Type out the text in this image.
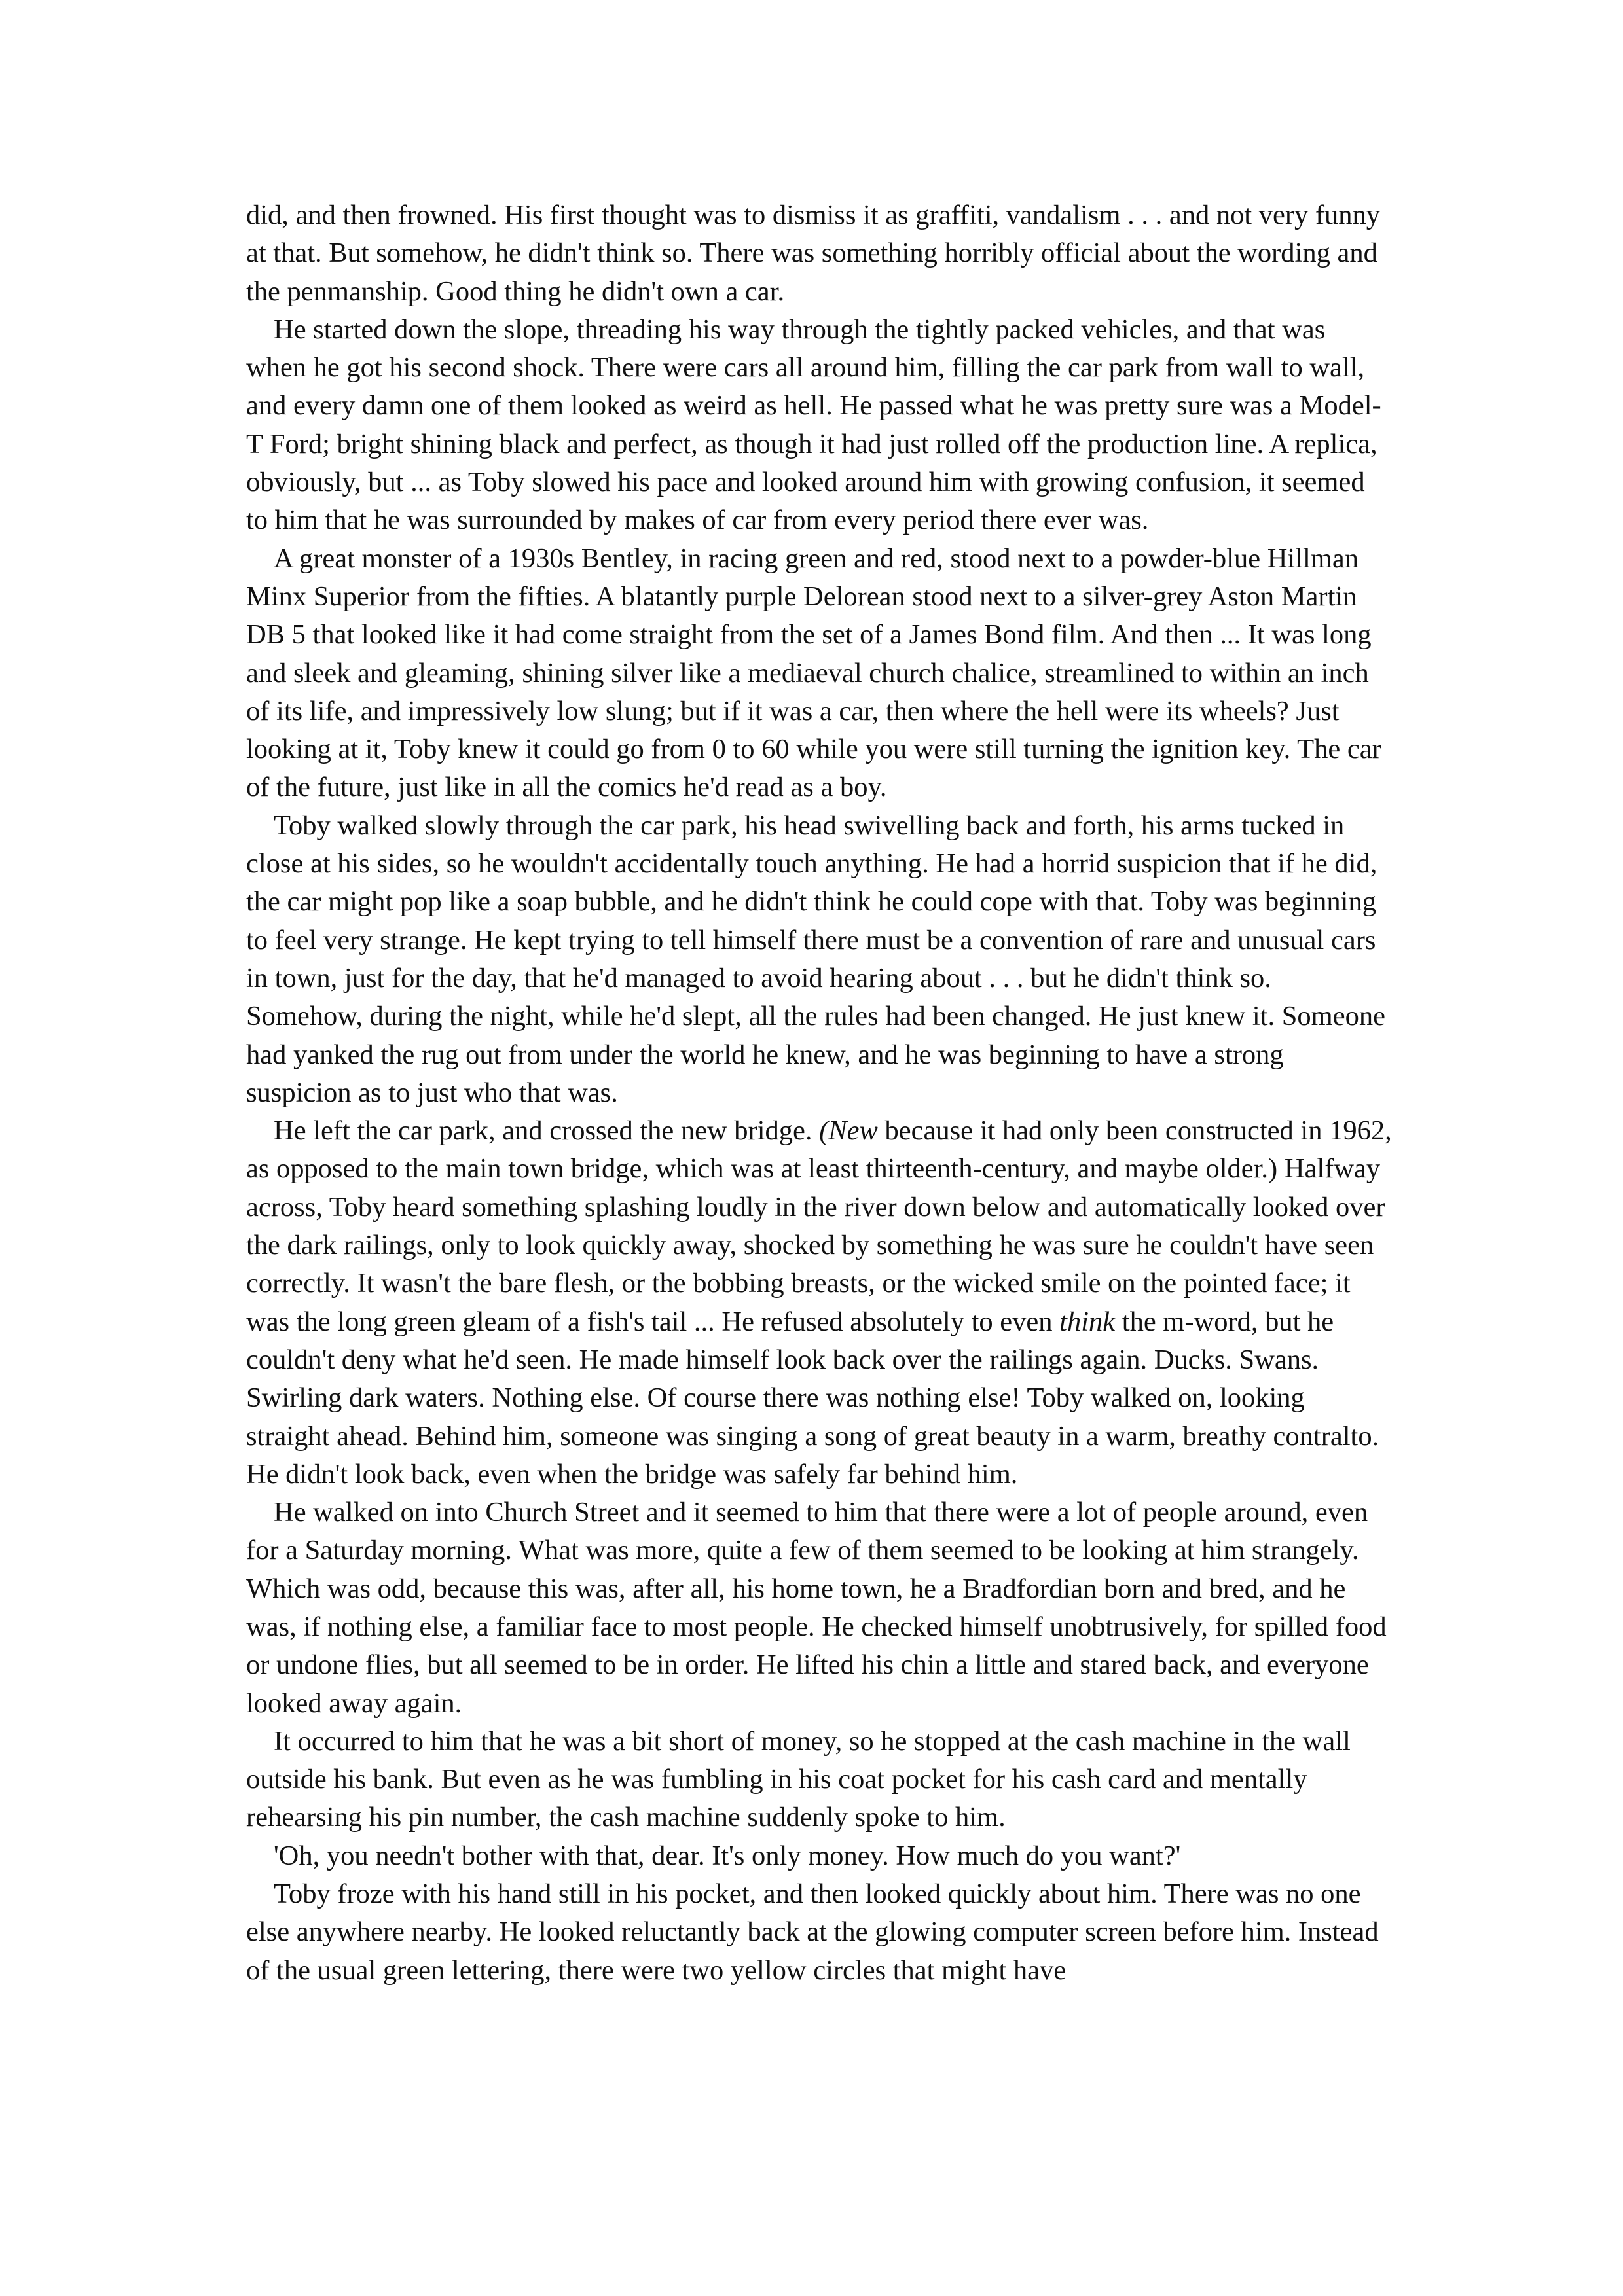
did, and then frowned. His first thought was to dismiss it as graffiti, vandalism . . . and not very funny at that. But somehow, he didn't think so. There was something horribly official about the wording and the penmanship. Good thing he didn't own a car.

He started down the slope, threading his way through the tightly packed vehicles, and that was when he got his second shock. There were cars all around him, filling the car park from wall to wall, and every damn one of them looked as weird as hell. He passed what he was pretty sure was a Model-T Ford; bright shining black and perfect, as though it had just rolled off the production line. A replica, obviously, but ... as Toby slowed his pace and looked around him with growing confusion, it seemed to him that he was surrounded by makes of car from every period there ever was.

A great monster of a 1930s Bentley, in racing green and red, stood next to a powder-blue Hillman Minx Superior from the fifties. A blatantly purple Delorean stood next to a silver-grey Aston Martin DB 5 that looked like it had come straight from the set of a James Bond film. And then ... It was long and sleek and gleaming, shining silver like a mediaeval church chalice, streamlined to within an inch of its life, and impressively low slung; but if it was a car, then where the hell were its wheels? Just looking at it, Toby knew it could go from 0 to 60 while you were still turning the ignition key. The car of the future, just like in all the comics he'd read as a boy.

Toby walked slowly through the car park, his head swivelling back and forth, his arms tucked in close at his sides, so he wouldn't accidentally touch anything. He had a horrid suspicion that if he did, the car might pop like a soap bubble, and he didn't think he could cope with that. Toby was beginning to feel very strange. He kept trying to tell himself there must be a convention of rare and unusual cars in town, just for the day, that he'd managed to avoid hearing about . . . but he didn't think so. Somehow, during the night, while he'd slept, all the rules had been changed. He just knew it. Someone had yanked the rug out from under the world he knew, and he was beginning to have a strong suspicion as to just who that was.

He left the car park, and crossed the new bridge. (New because it had only been constructed in 1962, as opposed to the main town bridge, which was at least thirteenth-century, and maybe older.) Halfway across, Toby heard something splashing loudly in the river down below and automatically looked over the dark railings, only to look quickly away, shocked by something he was sure he couldn't have seen correctly. It wasn't the bare flesh, or the bobbing breasts, or the wicked smile on the pointed face; it was the long green gleam of a fish's tail ... He refused absolutely to even think the m-word, but he couldn't deny what he'd seen. He made himself look back over the railings again. Ducks. Swans. Swirling dark waters. Nothing else. Of course there was nothing else! Toby walked on, looking straight ahead. Behind him, someone was singing a song of great beauty in a warm, breathy contralto. He didn't look back, even when the bridge was safely far behind him.

He walked on into Church Street and it seemed to him that there were a lot of people around, even for a Saturday morning. What was more, quite a few of them seemed to be looking at him strangely. Which was odd, because this was, after all, his home town, he a Bradfordian born and bred, and he was, if nothing else, a familiar face to most people. He checked himself unobtrusively, for spilled food or undone flies, but all seemed to be in order. He lifted his chin a little and stared back, and everyone looked away again.

It occurred to him that he was a bit short of money, so he stopped at the cash machine in the wall outside his bank. But even as he was fumbling in his coat pocket for his cash card and mentally rehearsing his pin number, the cash machine suddenly spoke to him.

'Oh, you needn't bother with that, dear. It's only money. How much do you want?'

Toby froze with his hand still in his pocket, and then looked quickly about him. There was no one else anywhere nearby. He looked reluctantly back at the glowing computer screen before him. Instead of the usual green lettering, there were two yellow circles that might have
